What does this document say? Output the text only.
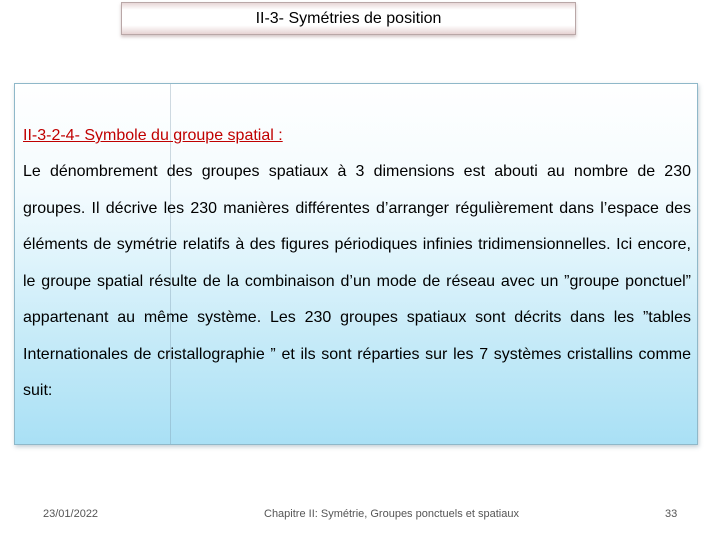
II-3- Symétries de position

II-3-2-4- Symbole du groupe spatial :

Le dénombrement des groupes spatiaux à 3 dimensions est abouti au nombre de 230 groupes. Il décrive les 230 manières différentes d’arranger régulièrement dans l’espace des éléments de symétrie relatifs à des figures périodiques infinies tridimensionnelles. Ici encore, le groupe spatial résulte de la combinaison d’un mode de réseau avec un ”groupe ponctuel” appartenant au même système. Les 230 groupes spatiaux sont décrits dans les ”tables Internationales de cristallographie ” et ils sont réparties sur les 7 systèmes cristallins comme suit:

23/01/2022	Chapitre II: Symétrie, Groupes ponctuels et spatiaux	33
